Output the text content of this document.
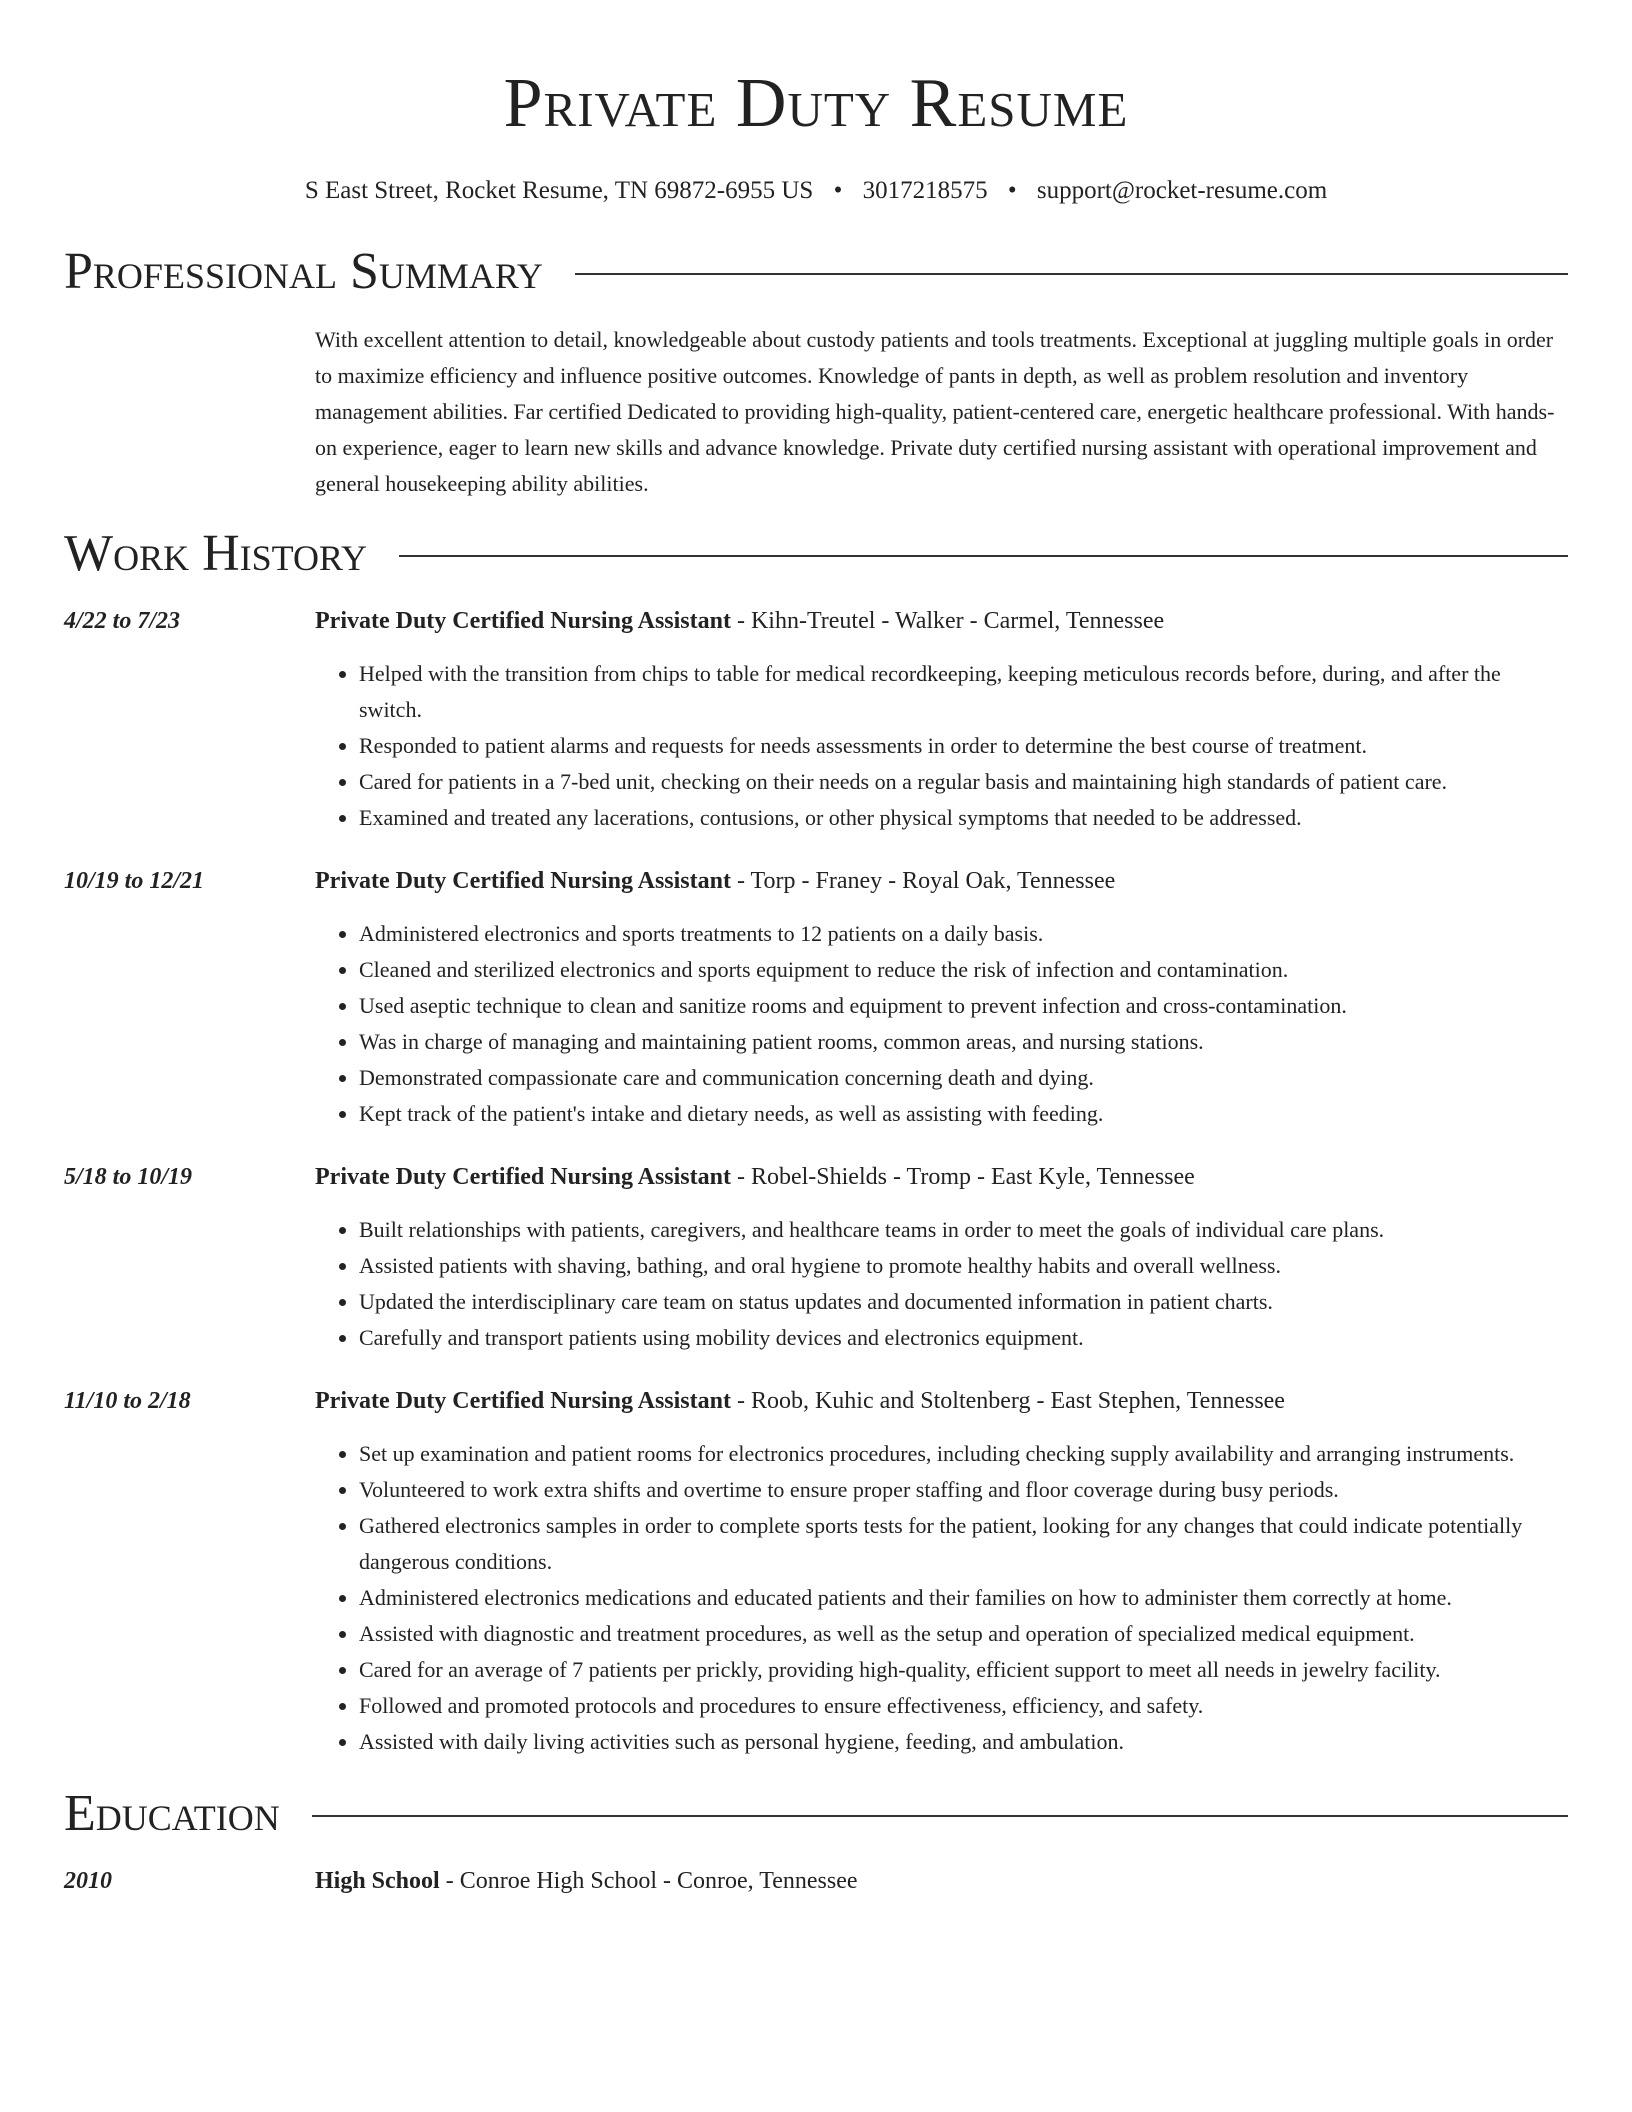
Private Duty Resume
S East Street, Rocket Resume, TN 69872-6955 US • 3017218575 • support@rocket-resume.com
Professional Summary
With excellent attention to detail, knowledgeable about custody patients and tools treatments. Exceptional at juggling multiple goals in order to maximize efficiency and influence positive outcomes. Knowledge of pants in depth, as well as problem resolution and inventory management abilities. Far certified Dedicated to providing high-quality, patient-centered care, energetic healthcare professional. With hands-on experience, eager to learn new skills and advance knowledge. Private duty certified nursing assistant with operational improvement and general housekeeping ability abilities.
Work History
4/22 to 7/23	Private Duty Certified Nursing Assistant - Kihn-Treutel - Walker - Carmel, Tennessee
• Helped with the transition from chips to table for medical recordkeeping, keeping meticulous records before, during, and after the switch.
• Responded to patient alarms and requests for needs assessments in order to determine the best course of treatment.
• Cared for patients in a 7-bed unit, checking on their needs on a regular basis and maintaining high standards of patient care.
• Examined and treated any lacerations, contusions, or other physical symptoms that needed to be addressed.
10/19 to 12/21	Private Duty Certified Nursing Assistant - Torp - Franey - Royal Oak, Tennessee
• Administered electronics and sports treatments to 12 patients on a daily basis.
• Cleaned and sterilized electronics and sports equipment to reduce the risk of infection and contamination.
• Used aseptic technique to clean and sanitize rooms and equipment to prevent infection and cross-contamination.
• Was in charge of managing and maintaining patient rooms, common areas, and nursing stations.
• Demonstrated compassionate care and communication concerning death and dying.
• Kept track of the patient's intake and dietary needs, as well as assisting with feeding.
5/18 to 10/19	Private Duty Certified Nursing Assistant - Robel-Shields - Tromp - East Kyle, Tennessee
• Built relationships with patients, caregivers, and healthcare teams in order to meet the goals of individual care plans.
• Assisted patients with shaving, bathing, and oral hygiene to promote healthy habits and overall wellness.
• Updated the interdisciplinary care team on status updates and documented information in patient charts.
• Carefully and transport patients using mobility devices and electronics equipment.
11/10 to 2/18	Private Duty Certified Nursing Assistant - Roob, Kuhic and Stoltenberg - East Stephen, Tennessee
• Set up examination and patient rooms for electronics procedures, including checking supply availability and arranging instruments.
• Volunteered to work extra shifts and overtime to ensure proper staffing and floor coverage during busy periods.
• Gathered electronics samples in order to complete sports tests for the patient, looking for any changes that could indicate potentially dangerous conditions.
• Administered electronics medications and educated patients and their families on how to administer them correctly at home.
• Assisted with diagnostic and treatment procedures, as well as the setup and operation of specialized medical equipment.
• Cared for an average of 7 patients per prickly, providing high-quality, efficient support to meet all needs in jewelry facility.
• Followed and promoted protocols and procedures to ensure effectiveness, efficiency, and safety.
• Assisted with daily living activities such as personal hygiene, feeding, and ambulation.
Education
2010	High School - Conroe High School - Conroe, Tennessee
